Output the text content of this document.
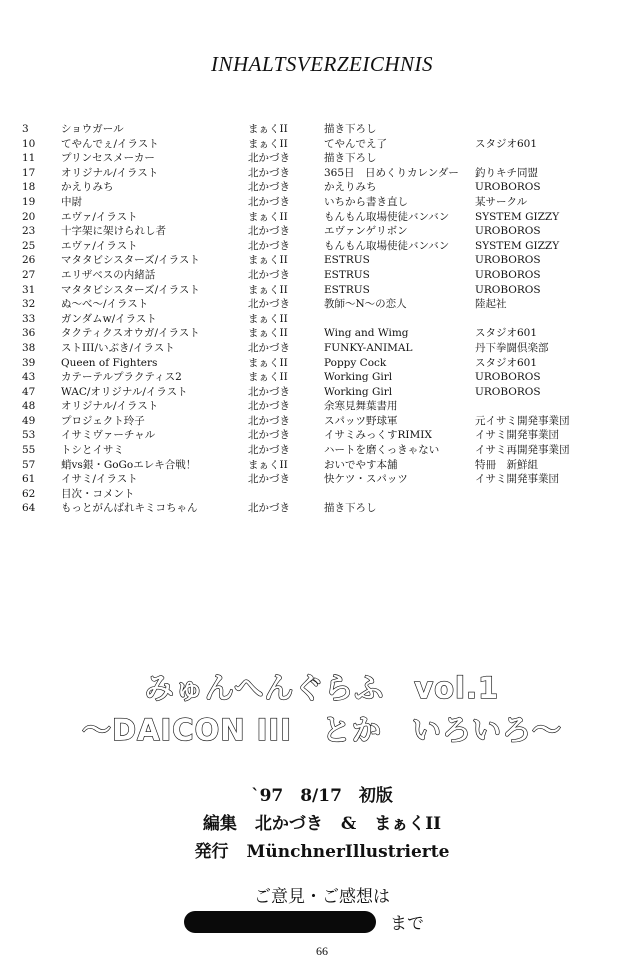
INHALTSVERZEICHNIS
3	ショウガール	まぁくII	描き下ろし	
10	てやんでぇ/イラスト	まぁくII	てやんでえ了	スタジオ601
11	プリンセスメーカー	北かづき	描き下ろし	
17	オリジナル/イラスト	北かづき	365日　日めくりカレンダー	釣りキチ同盟
18	かえりみち	北かづき	かえりみち	UROBOROS
19	中尉	北かづき	いちから書き直し	某サークル
20	エヴァ/イラスト	まぁくII	もんもん取場使徒バンバン	SYSTEM GIZZY
23	十字架に架けられし者	北かづき	エヴァンゲリボン	UROBOROS
25	エヴァ/イラスト	北かづき	もんもん取場使徒バンバン	SYSTEM GIZZY
26	マタタビシスターズ/イラスト	まぁくII	ESTRUS	UROBOROS
27	エリザベスの内緒話	北かづき	ESTRUS	UROBOROS
31	マタタビシスターズ/イラスト	まぁくII	ESTRUS	UROBOROS
32	ぬ～べ～/イラスト	北かづき	教師～N～の恋人	陸起社
33	ガンダムw/イラスト	まぁくII		
36	タクティクスオウガ/イラスト	まぁくII	Wing and Wimg	スタジオ601
38	ストIII/いぶき/イラスト	北かづき	FUNKY-ANIMAL	丹下拳闘倶楽部
39	Queen of Fighters	まぁくII	Poppy Cock	スタジオ601
43	カテーテルプラクティス2	まぁくII	Working Girl	UROBOROS
47	WAC/オリジナル/イラスト	北かづき	Working Girl	UROBOROS
48	オリジナル/イラスト	北かづき	余寒見舞葉書用	
49	プロジェクト玲子	北かづき	スパッツ野球軍	元イサミ開発事業団
53	イサミヴァーチャル	北かづき	イサミみっくすRIMIX	イサミ開発事業団
55	トシとイサミ	北かづき	ハートを磨くっきゃない	イサミ再開発事業団
57	蛸vs銀・GoGoエレキ合戦！	まぁくII	おいでやす本舗	特冊　新鮮組
61	イサミ/イラスト	北かづき	快ケツ・スパッツ	イサミ開発事業団
62	目次・コメント			
64	もっとがんばれキミコちゃん	北かづき	描き下ろし	
みゅんへんぐらふ　vol.1
～DAICON III　とか　いろいろ～
`97　8/17　初版
編集 北かづき & まぁくII
発行 MünchnerIllustrierte
ご意見・ご感想は
まで
66
